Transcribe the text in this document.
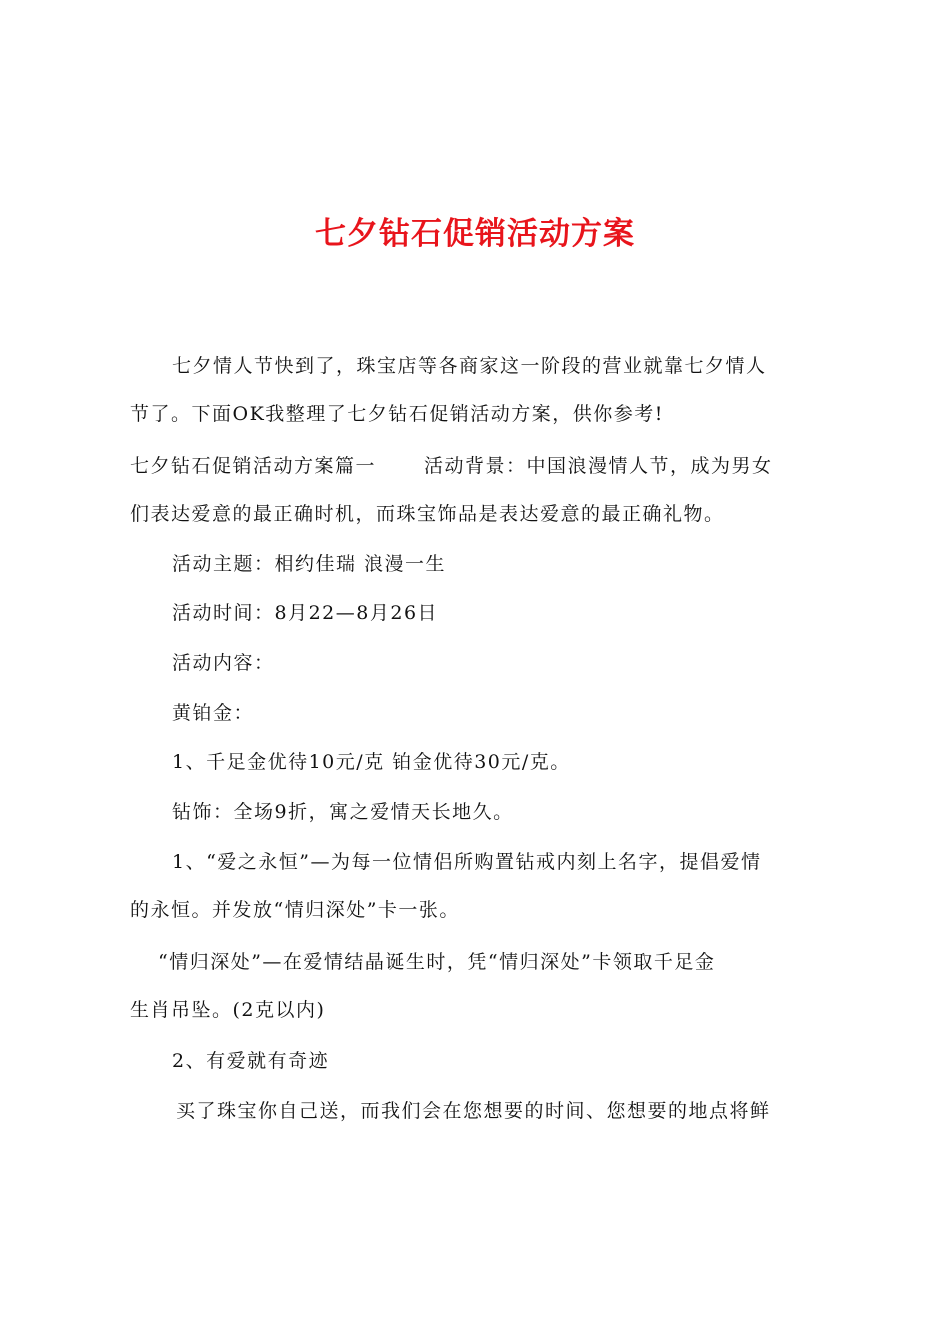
七夕钻石促销活动方案

七夕情人节快到了，珠宝店等各商家这一阶段的营业就靠七夕情人
节了。下面OK我整理了七夕钻石促销活动方案，供你参考!

七夕钻石促销活动方案篇一	活动背景：中国浪漫情人节，成为男女
们表达爱意的最正确时机，而珠宝饰品是表达爱意的最正确礼物。

活动主题：相约佳瑞 浪漫一生

活动时间：8月22—8月26日

活动内容：

黄铂金：

1、千足金优待10元/克 铂金优待30元/克。

钻饰：全场9折，寓之爱情天长地久。

1、“爱之永恒”—为每一位情侣所购置钻戒内刻上名字，提倡爱情
的永恒。并发放“情归深处”卡一张。

“情归深处”—在爱情结晶诞生时，凭“情归深处”卡领取千足金
生肖吊坠。(2克以内)

2、有爱就有奇迹

买了珠宝你自己送，而我们会在您想要的时间、您想要的地点将鲜
